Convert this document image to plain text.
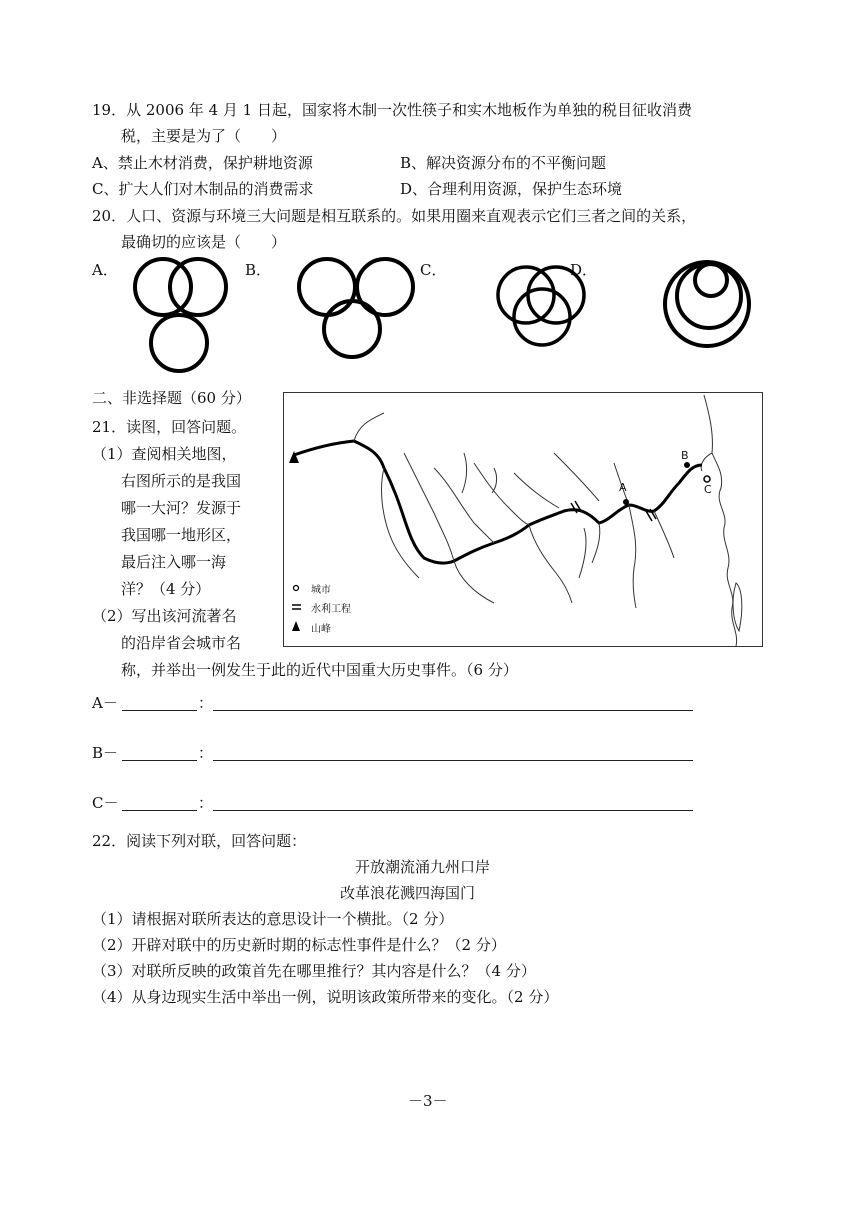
19．从 2006 年 4 月 1 日起，国家将木制一次性筷子和实木地板作为单独的税目征收消费
税，主要是为了（　　）
A、禁止木材消费，保护耕地资源	B、解决资源分布的不平衡问题
C、扩大人们对木制品的消费需求	D、合理利用资源，保护生态环境
20．人口、资源与环境三大问题是相互联系的。如果用圈来直观表示它们三者之间的关系，
最确切的应该是（　　）
A．	B．	C．	D．
二、非选择题（60 分）
21．读图，回答问题。
（1）查阅相关地图，
右图所示的是我国
哪一大河？发源于
我国哪一地形区，
最后注入哪一海
洋？（4 分）
（2）写出该河流著名
的沿岸省会城市名
称，并举出一例发生于此的近代中国重大历史事件。（6 分）
A
B
C
城市
水利工程
山峰
A－	：
B－	：
C－	：
22．阅读下列对联，回答问题：
开放潮流涌九州口岸
改革浪花溅四海国门
（1）请根据对联所表达的意思设计一个横批。（2 分）
（2）开辟对联中的历史新时期的标志性事件是什么？（2 分）
（3）对联所反映的政策首先在哪里推行？其内容是什么？（4 分）
（4）从身边现实生活中举出一例，说明该政策所带来的变化。（2 分）
－3－
